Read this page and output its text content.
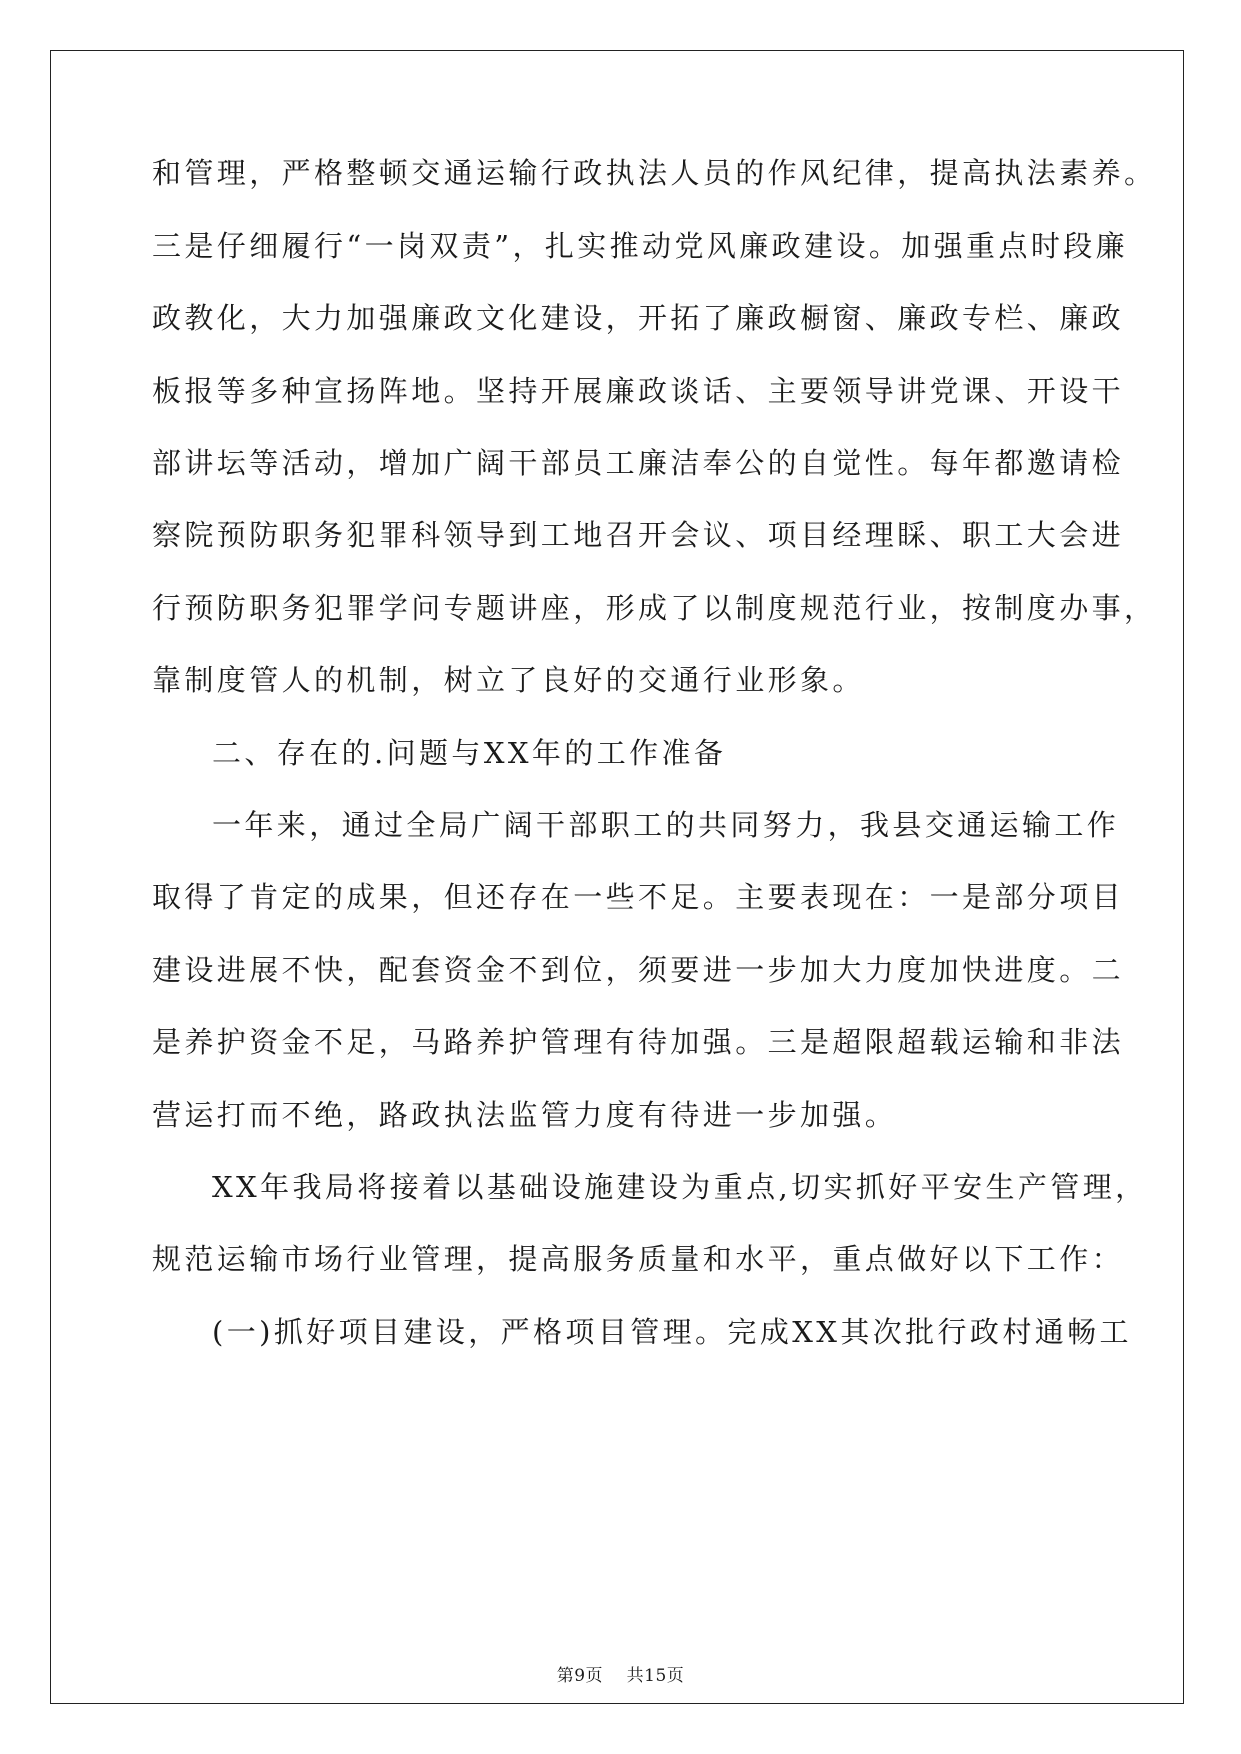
和管理，严格整顿交通运输行政执法人员的作风纪律，提高执法素养。
三是仔细履行“一岗双责”，扎实推动党风廉政建设。加强重点时段廉
政教化，大力加强廉政文化建设，开拓了廉政橱窗、廉政专栏、廉政
板报等多种宣扬阵地。坚持开展廉政谈话、主要领导讲党课、开设干
部讲坛等活动，增加广阔干部员工廉洁奉公的自觉性。每年都邀请检
察院预防职务犯罪科领导到工地召开会议、项目经理睬、职工大会进
行预防职务犯罪学问专题讲座，形成了以制度规范行业，按制度办事，
靠制度管人的机制，树立了良好的交通行业形象。
二、存在的.问题与XX年的工作准备
一年来，通过全局广阔干部职工的共同努力，我县交通运输工作
取得了肯定的成果，但还存在一些不足。主要表现在：一是部分项目
建设进展不快，配套资金不到位，须要进一步加大力度加快进度。二
是养护资金不足，马路养护管理有待加强。三是超限超载运输和非法
营运打而不绝，路政执法监管力度有待进一步加强。
XX年我局将接着以基础设施建设为重点,切实抓好平安生产管理，
规范运输市场行业管理，提高服务质量和水平，重点做好以下工作：
(一)抓好项目建设，严格项目管理。完成XX其次批行政村通畅工
第9页    共15页
